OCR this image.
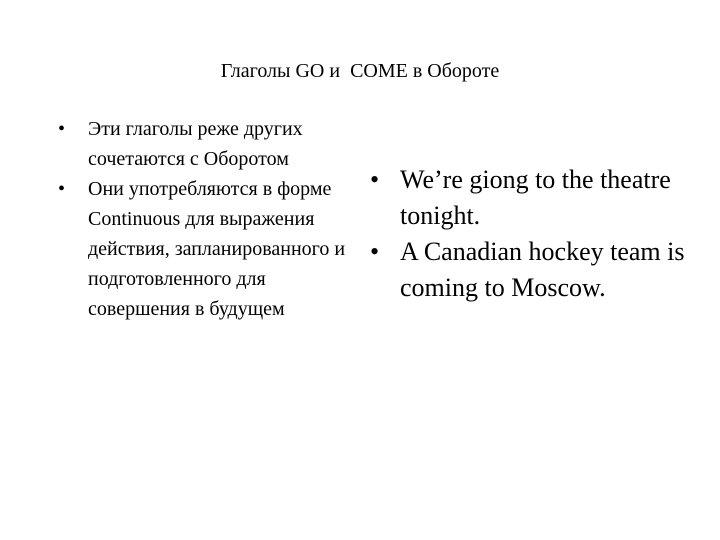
Глаголы GO и  COME в Обороте
• Эти глаголы реже других сочетаются с Оборотом
• Они употребляются в форме Continuous для выражения действия, запланированного и подготовленного для совершения в будущем
• We’re giong to the theatre tonight.
• A Canadian hockey team is coming to Moscow.
